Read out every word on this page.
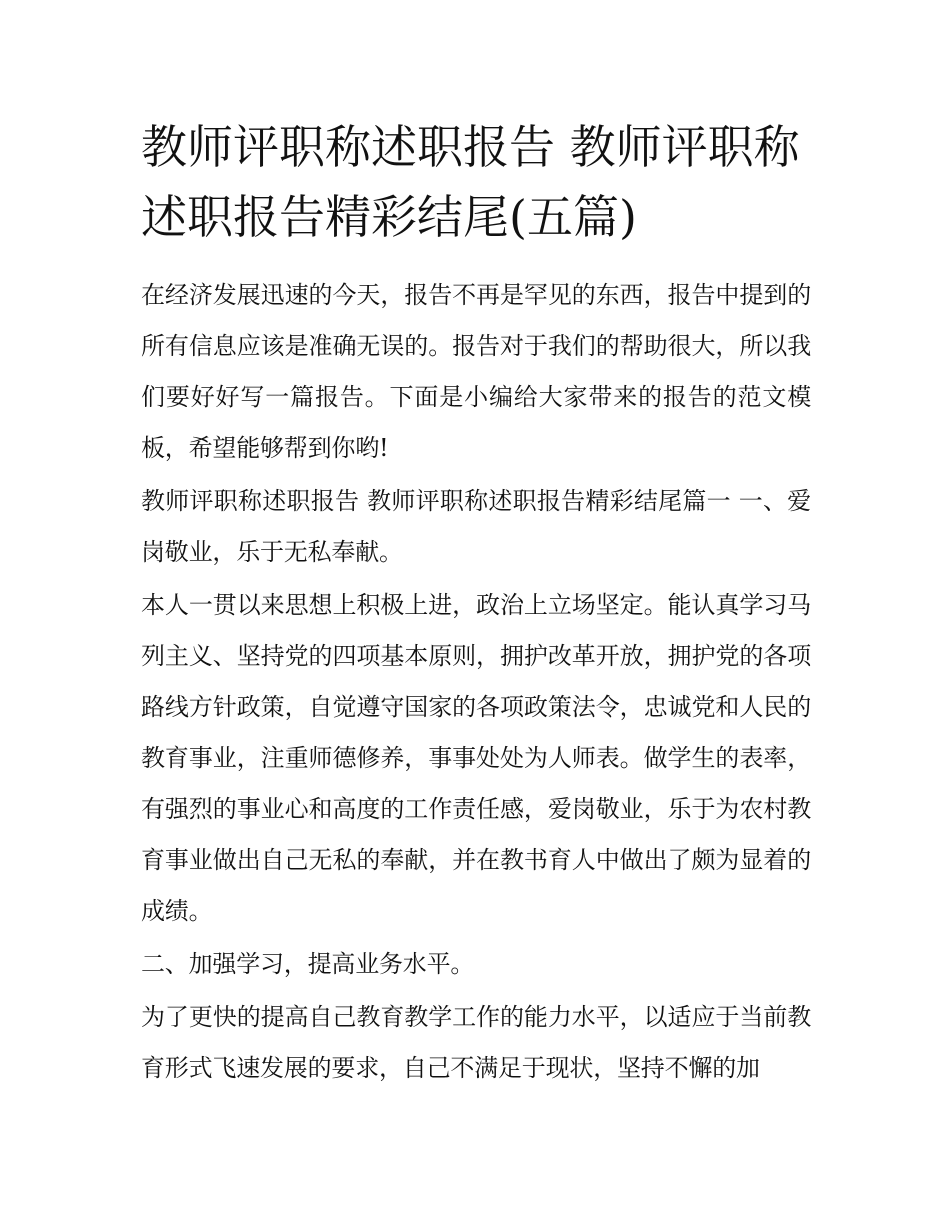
教师评职称述职报告 教师评职称述职报告精彩结尾(五篇)

在经济发展迅速的今天，报告不再是罕见的东西，报告中提到的所有信息应该是准确无误的。报告对于我们的帮助很大，所以我们要好好写一篇报告。下面是小编给大家带来的报告的范文模板，希望能够帮到你哟!

教师评职称述职报告 教师评职称述职报告精彩结尾篇一 一、爱岗敬业，乐于无私奉献。

本人一贯以来思想上积极上进，政治上立场坚定。能认真学习马列主义、坚持党的四项基本原则，拥护改革开放，拥护党的各项路线方针政策，自觉遵守国家的各项政策法令，忠诚党和人民的教育事业，注重师德修养，事事处处为人师表。做学生的表率，有强烈的事业心和高度的工作责任感，爱岗敬业，乐于为农村教育事业做出自己无私的奉献，并在教书育人中做出了颇为显着的成绩。

二、加强学习，提高业务水平。

为了更快的提高自己教育教学工作的能力水平，以适应于当前教育形式飞速发展的要求，自己不满足于现状，坚持不懈的加
